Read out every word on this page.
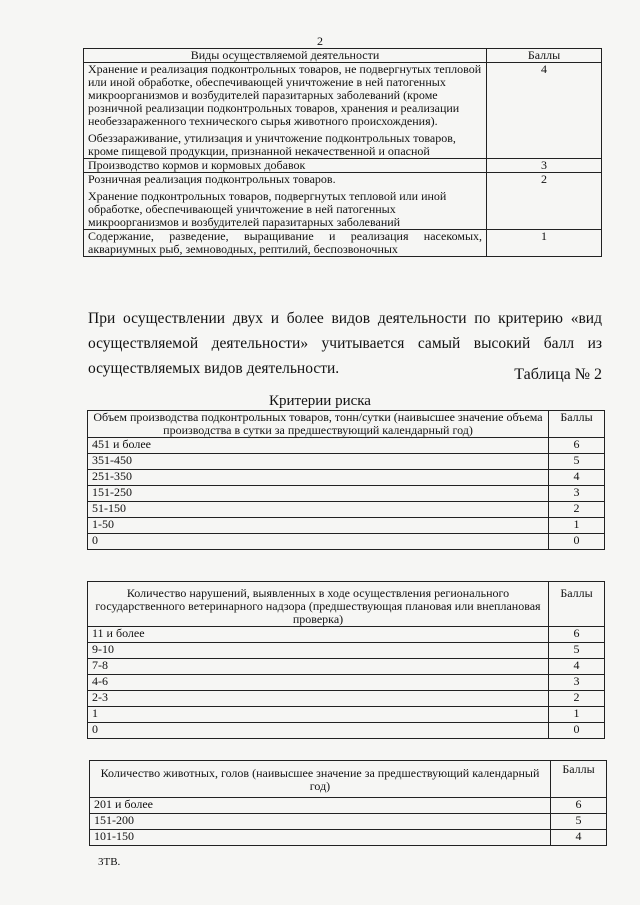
2
Виды осуществляемой деятельности	Баллы

Хранение и реализация подконтрольных товаров, не подвергнутых тепловой или иной обработке, обеспечивающей уничтожение в ней патогенных микроорганизмов и возбудителей паразитарных заболеваний (кроме розничной реализации подконтрольных товаров, хранения и реализации необеззараженного технического сырья животного происхождения).
Обеззараживание, утилизация и уничтожение подконтрольных товаров, кроме пищевой продукции, признанной некачественной и опасной	4

Производство кормов и кормовых добавок	3

Розничная реализация подконтрольных товаров.
Хранение подконтрольных товаров, подвергнутых тепловой или иной обработке, обеспечивающей уничтожение в ней патогенных микроорганизмов и возбудителей паразитарных заболеваний	2

Содержание, разведение, выращивание и реализация насекомых, аквариумных рыб, земноводных, рептилий, беспозвоночных	1
При осуществлении двух и более видов деятельности по критерию «вид осуществляемой деятельности» учитывается самый высокий балл из осуществляемых видов деятельности.	Таблица № 2
Критерии риска
Объем производства подконтрольных товаров, тонн/сутки (наивысшее значение объема производства в сутки за предшествующий календарный год)	Баллы
451 и более	6
351-450	5
251-350	4
151-250	3
51-150	2
1-50	1
0	0
Количество нарушений, выявленных в ходе осуществления регионального государственного ветеринарного надзора (предшествующая плановая или внеплановая проверка)	Баллы
11 и более	6
9-10	5
7-8	4
4-6	3
2-3	2
1	1
0	0
Количество животных, голов (наивысшее значение за предшествующий календарный год)	Баллы
201 и более	6
151-200	5
101-150	4
3ТВ.
